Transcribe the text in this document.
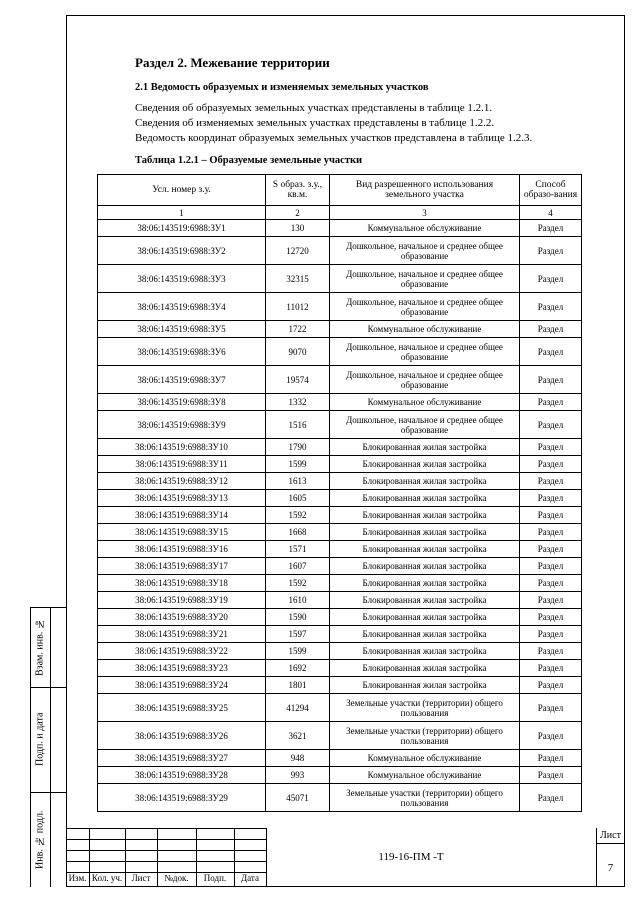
Взам. инв. №
Подп. и дата
Инв. № подл.
Раздел 2. Межевание территории
2.1 Ведомость образуемых и изменяемых земельных участков
Сведения об образуемых земельных участках представлены в таблице 1.2.1.
Сведения об изменяемых земельных участках представлены в таблице 1.2.2.
Ведомость координат образуемых земельных участков представлена в таблице 1.2.3.
Таблица 1.2.1 – Образуемые земельные участки
Усл. номер з.у.	S образ. з.у., кв.м.	Вид разрешенного использования земельного участка	Способ образо-вания
1	2	3	4
38:06:143519:6988:ЗУ1	130	Коммунальное обслуживание	Раздел
38:06:143519:6988:ЗУ2	12720	Дошкольное, начальное и среднее общее образование	Раздел
38:06:143519:6988:ЗУ3	32315	Дошкольное, начальное и среднее общее образование	Раздел
38:06:143519:6988:ЗУ4	11012	Дошкольное, начальное и среднее общее образование	Раздел
38:06:143519:6988:ЗУ5	1722	Коммунальное обслуживание	Раздел
38:06:143519:6988:ЗУ6	9070	Дошкольное, начальное и среднее общее образование	Раздел
38:06:143519:6988:ЗУ7	19574	Дошкольное, начальное и среднее общее образование	Раздел
38:06:143519:6988:ЗУ8	1332	Коммунальное обслуживание	Раздел
38:06:143519:6988:ЗУ9	1516	Дошкольное, начальное и среднее общее образование	Раздел
38:06:143519:6988:ЗУ10	1790	Блокированная жилая застройка	Раздел
38:06:143519:6988:ЗУ11	1599	Блокированная жилая застройка	Раздел
38:06:143519:6988:ЗУ12	1613	Блокированная жилая застройка	Раздел
38:06:143519:6988:ЗУ13	1605	Блокированная жилая застройка	Раздел
38:06:143519:6988:ЗУ14	1592	Блокированная жилая застройка	Раздел
38:06:143519:6988:ЗУ15	1668	Блокированная жилая застройка	Раздел
38:06:143519:6988:ЗУ16	1571	Блокированная жилая застройка	Раздел
38:06:143519:6988:ЗУ17	1607	Блокированная жилая застройка	Раздел
38:06:143519:6988:ЗУ18	1592	Блокированная жилая застройка	Раздел
38:06:143519:6988:ЗУ19	1610	Блокированная жилая застройка	Раздел
38:06:143519:6988:ЗУ20	1590	Блокированная жилая застройка	Раздел
38:06:143519:6988:ЗУ21	1597	Блокированная жилая застройка	Раздел
38:06:143519:6988:ЗУ22	1599	Блокированная жилая застройка	Раздел
38:06:143519:6988:ЗУ23	1692	Блокированная жилая застройка	Раздел
38:06:143519:6988:ЗУ24	1801	Блокированная жилая застройка	Раздел
38:06:143519:6988:ЗУ25	41294	Земельные участки (территории) общего пользования	Раздел
38:06:143519:6988:ЗУ26	3621	Земельные участки (территории) общего пользования	Раздел
38:06:143519:6988:ЗУ27	948	Коммунальное обслуживание	Раздел
38:06:143519:6988:ЗУ28	993	Коммунальное обслуживание	Раздел
38:06:143519:6988:ЗУ29	45071	Земельные участки (территории) общего пользования	Раздел
Изм. Кол. уч.	Лист	№док.	Подп.	Дата
119-16-ПМ -Т
Лист
7
